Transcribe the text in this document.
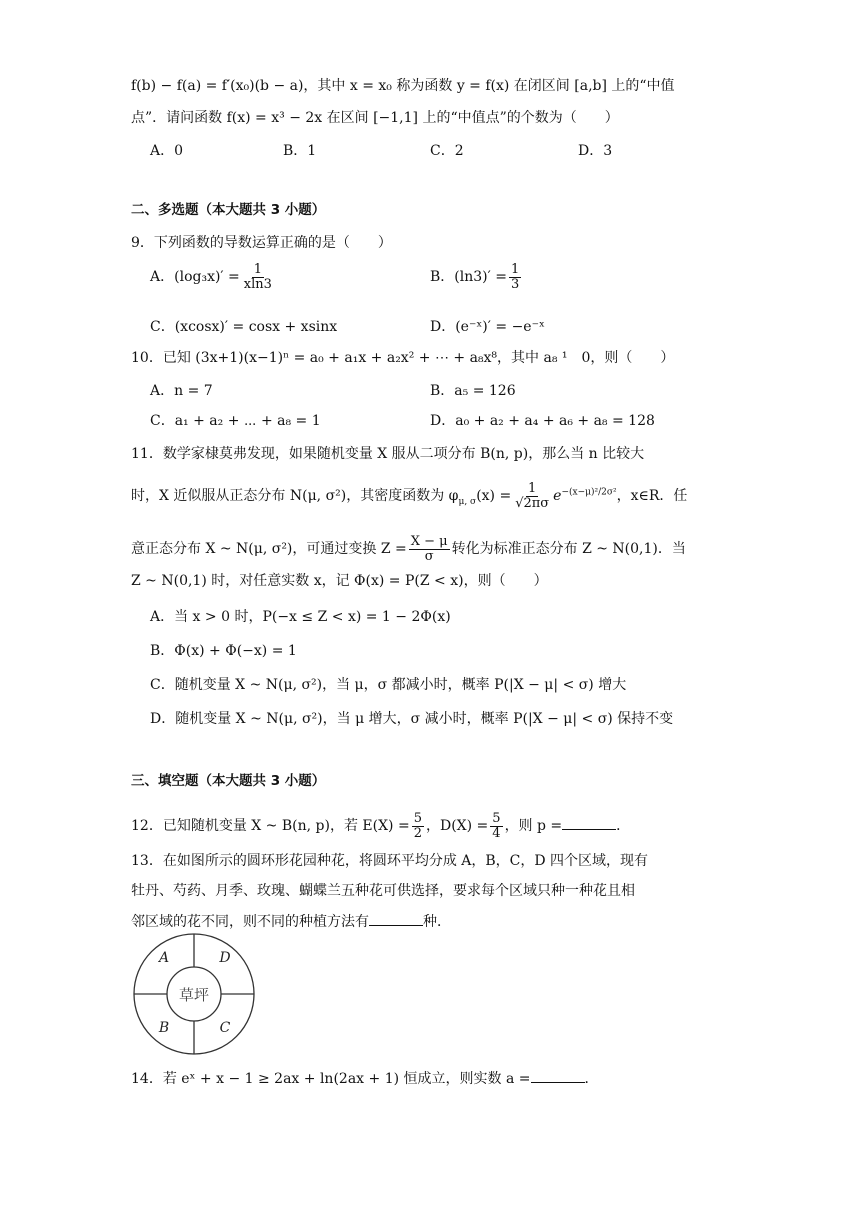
f(b) − f(a) = f′(x₀)(b − a)，其中 x = x₀ 称为函数 y = f(x) 在闭区间 [a,b] 上的“中值
点”．请问函数 f(x) = x³ − 2x 在区间 [−1,1] 上的“中值点”的个数为（　　）
A．0	B．1	C．2	D．3
二、多选题（本大题共 3 小题）
9．下列函数的导数运算正确的是（　　）
A．$(\log_3x)' = \frac{1}{xln3}$	B．$(\ln 3)' = \frac{1}{3}$
C．(xcosx)′ = cosx + xsinx	D．(e⁻ˣ)′ = −e⁻ˣ
10．已知 (3x+1)(x−1)ⁿ = a₀ + a₁x + a₂x² + ⋯ + a₈x⁸，其中 a₈ ¹　0，则（　　）
A．n = 7	B．a₅ = 126
C．a₁ + a₂ + ⋯ + a₈ = 1	D．a₀ + a₂ + a₄ + a₆ + a₈ = 128
11．数学家棣莫弗发现，如果随机变量 X 服从二项分布 B(n, p)，那么当 n 比较大
时，X 近似服从正态分布 N(μ, σ²)，其密度函数为 $\varphi_{\mu, \sigma}(x) = \frac{1}{√2\pi\sigma} e^{-(x-\mu)^2/2\sigma^2}$，x∈R．任
意正态分布 X ~ N(μ, σ²)，可通过变换 $Z = \frac{X - \mu}{\sigma}$ 转化为标准正态分布 Z ~ N(0,1)．当
Z ~ N(0,1) 时，对任意实数 x，记 Φ(x) = P(Z < x)，则（　　）
A．当 x > 0 时，P(−x ≤ Z < x) = 1 − 2Φ(x)
B．Φ(x) + Φ(−x) = 1
C．随机变量 X ~ N(μ, σ²)，当 μ，σ 都减小时，概率 P(|X − μ| < σ) 增大
D．随机变量 X ~ N(μ, σ²)，当 μ 增大，σ 减小时，概率 P(|X − μ| < σ) 保持不变
三、填空题（本大题共 3 小题）
12．已知随机变量 X ~ B(n, p)，若 $E(X) = \frac{5}{2}$ ，$D(X) = \frac{5}{4}$ ，则 p =	．
13．在如图所示的圆环形花园种花，将圆环平均分成 A，B，C，D 四个区域，现有
牡丹、芍药、月季、玫瑰、蝴蝶兰五种花可供选择，要求每个区域只种一种花且相
邻区域的花不同，则不同的种植方法有	种．
草坪
A	D
B	C
14．若 eˣ + x − 1 ≥ 2ax + ln(2ax + 1) 恒成立，则实数 a =	．
